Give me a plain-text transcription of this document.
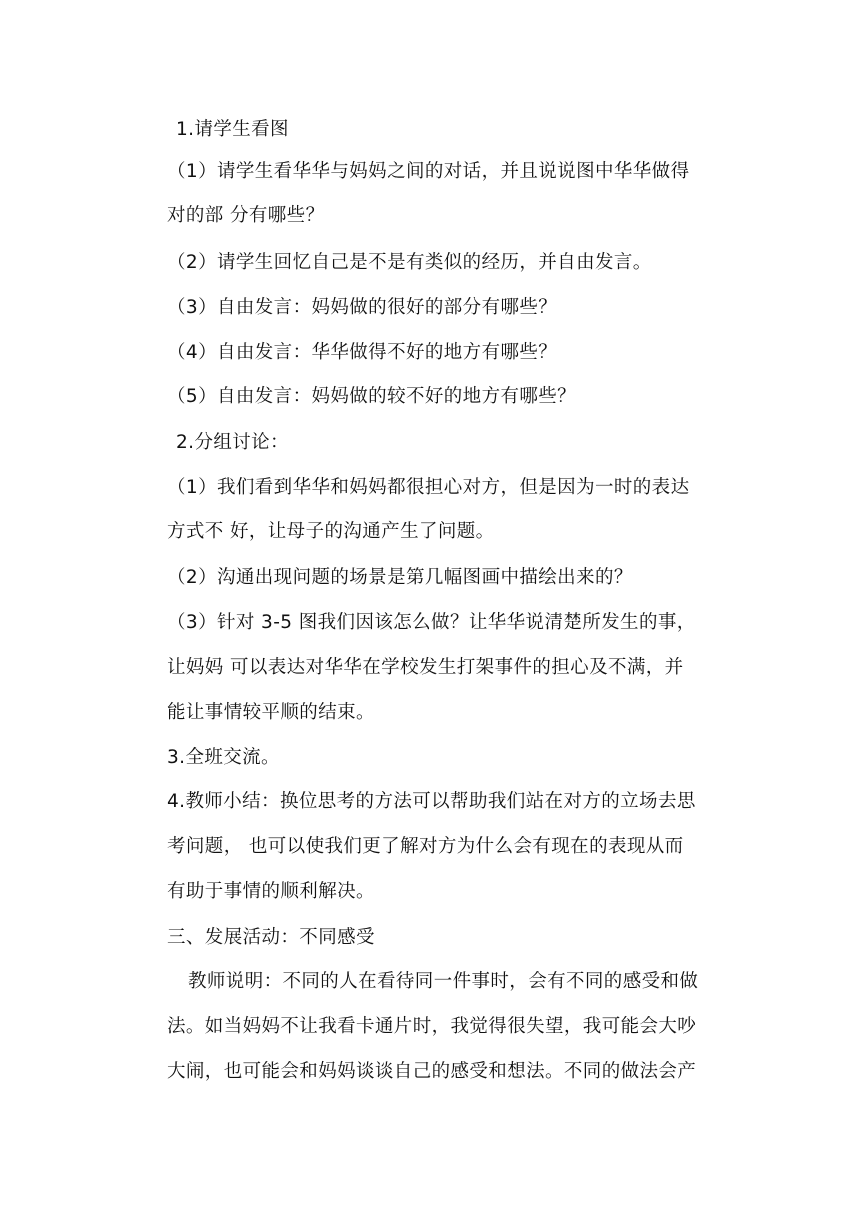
1.请学生看图
（1）请学生看华华与妈妈之间的对话，并且说说图中华华做得
对的部 分有哪些？
（2）请学生回忆自己是不是有类似的经历，并自由发言。
（3）自由发言：妈妈做的很好的部分有哪些？
（4）自由发言：华华做得不好的地方有哪些？
（5）自由发言：妈妈做的较不好的地方有哪些？
2.分组讨论：
（1）我们看到华华和妈妈都很担心对方，但是因为一时的表达
方式不 好，让母子的沟通产生了问题。
（2）沟通出现问题的场景是第几幅图画中描绘出来的？
（3）针对 3-5 图我们因该怎么做？让华华说清楚所发生的事，
让妈妈 可以表达对华华在学校发生打架事件的担心及不满，并
能让事情较平顺的结束。
3.全班交流。
4.教师小结：换位思考的方法可以帮助我们站在对方的立场去思
考问题， 也可以使我们更了解对方为什么会有现在的表现从而
有助于事情的顺利解决。
三、发展活动：不同感受
教师说明：不同的人在看待同一件事时，会有不同的感受和做
法。如当妈妈不让我看卡通片时，我觉得很失望，我可能会大吵
大闹，也可能会和妈妈谈谈自己的感受和想法。不同的做法会产
